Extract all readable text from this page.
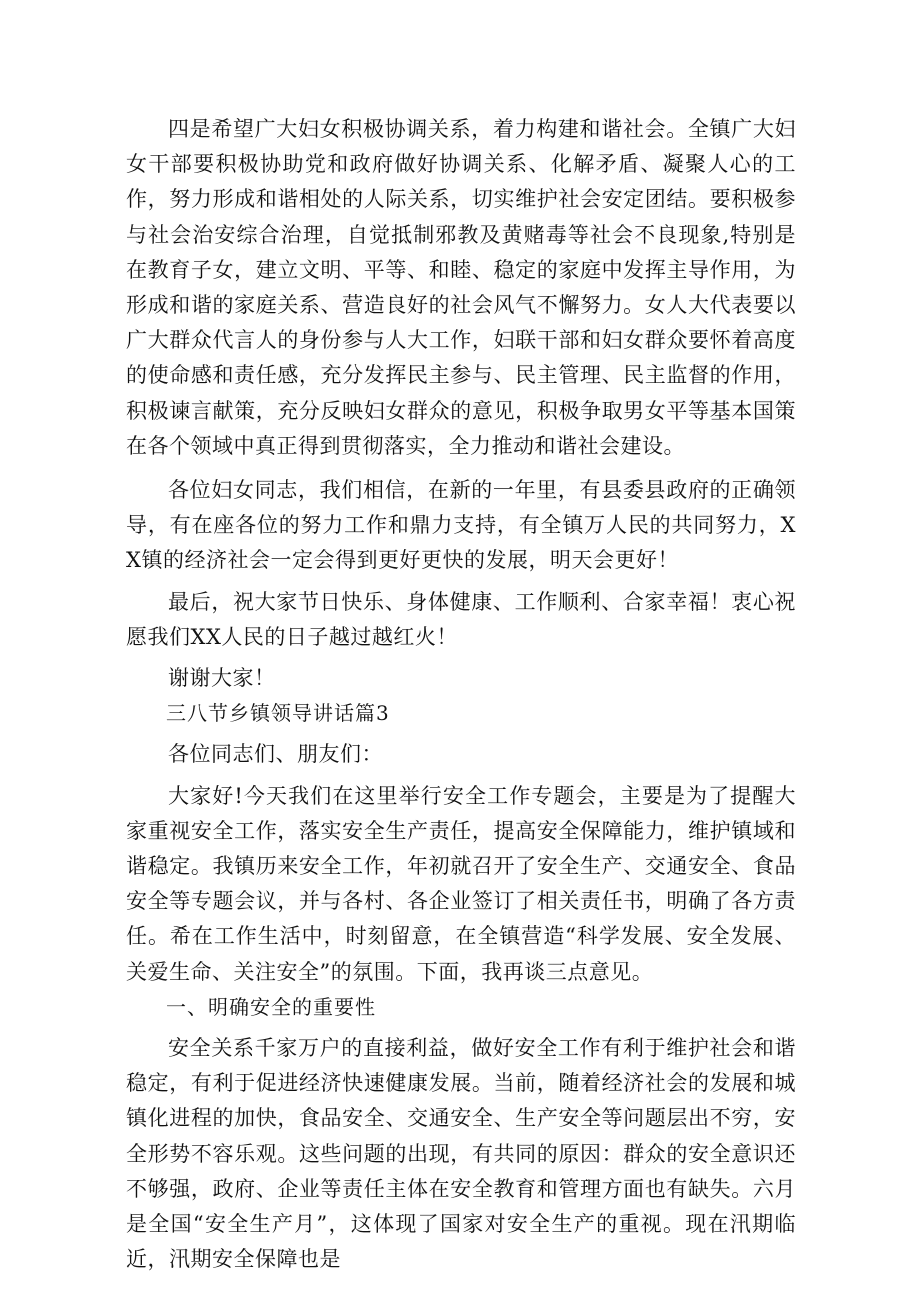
四是希望广大妇女积极协调关系，着力构建和谐社会。全镇广大妇女干部要积极协助党和政府做好协调关系、化解矛盾、凝聚人心的工作，努力形成和谐相处的人际关系，切实维护社会安定团结。要积极参与社会治安综合治理，自觉抵制邪教及黄赌毒等社会不良现象,特别是在教育子女，建立文明、平等、和睦、稳定的家庭中发挥主导作用，为形成和谐的家庭关系、营造良好的社会风气不懈努力。女人大代表要以广大群众代言人的身份参与人大工作，妇联干部和妇女群众要怀着高度的使命感和责任感，充分发挥民主参与、民主管理、民主监督的作用，积极谏言献策，充分反映妇女群众的意见，积极争取男女平等基本国策在各个领域中真正得到贯彻落实，全力推动和谐社会建设。

各位妇女同志，我们相信，在新的一年里，有县委县政府的正确领导，有在座各位的努力工作和鼎力支持，有全镇万人民的共同努力，XX镇的经济社会一定会得到更好更快的发展，明天会更好！

最后，祝大家节日快乐、身体健康、工作顺利、合家幸福！衷心祝愿我们XX人民的日子越过越红火！

谢谢大家！

三八节乡镇领导讲话篇3

各位同志们、朋友们：

大家好!今天我们在这里举行安全工作专题会，主要是为了提醒大家重视安全工作，落实安全生产责任，提高安全保障能力，维护镇域和谐稳定。我镇历来安全工作，年初就召开了安全生产、交通安全、食品安全等专题会议，并与各村、各企业签订了相关责任书，明确了各方责任。希在工作生活中，时刻留意，在全镇营造“科学发展、安全发展、关爱生命、关注安全”的氛围。下面，我再谈三点意见。

一、明确安全的重要性

安全关系千家万户的直接利益，做好安全工作有利于维护社会和谐稳定，有利于促进经济快速健康发展。当前，随着经济社会的发展和城镇化进程的加快，食品安全、交通安全、生产安全等问题层出不穷，安全形势不容乐观。这些问题的出现，有共同的原因：群众的安全意识还不够强，政府、企业等责任主体在安全教育和管理方面也有缺失。六月是全国“安全生产月”，这体现了国家对安全生产的重视。现在汛期临近，汛期安全保障也是
